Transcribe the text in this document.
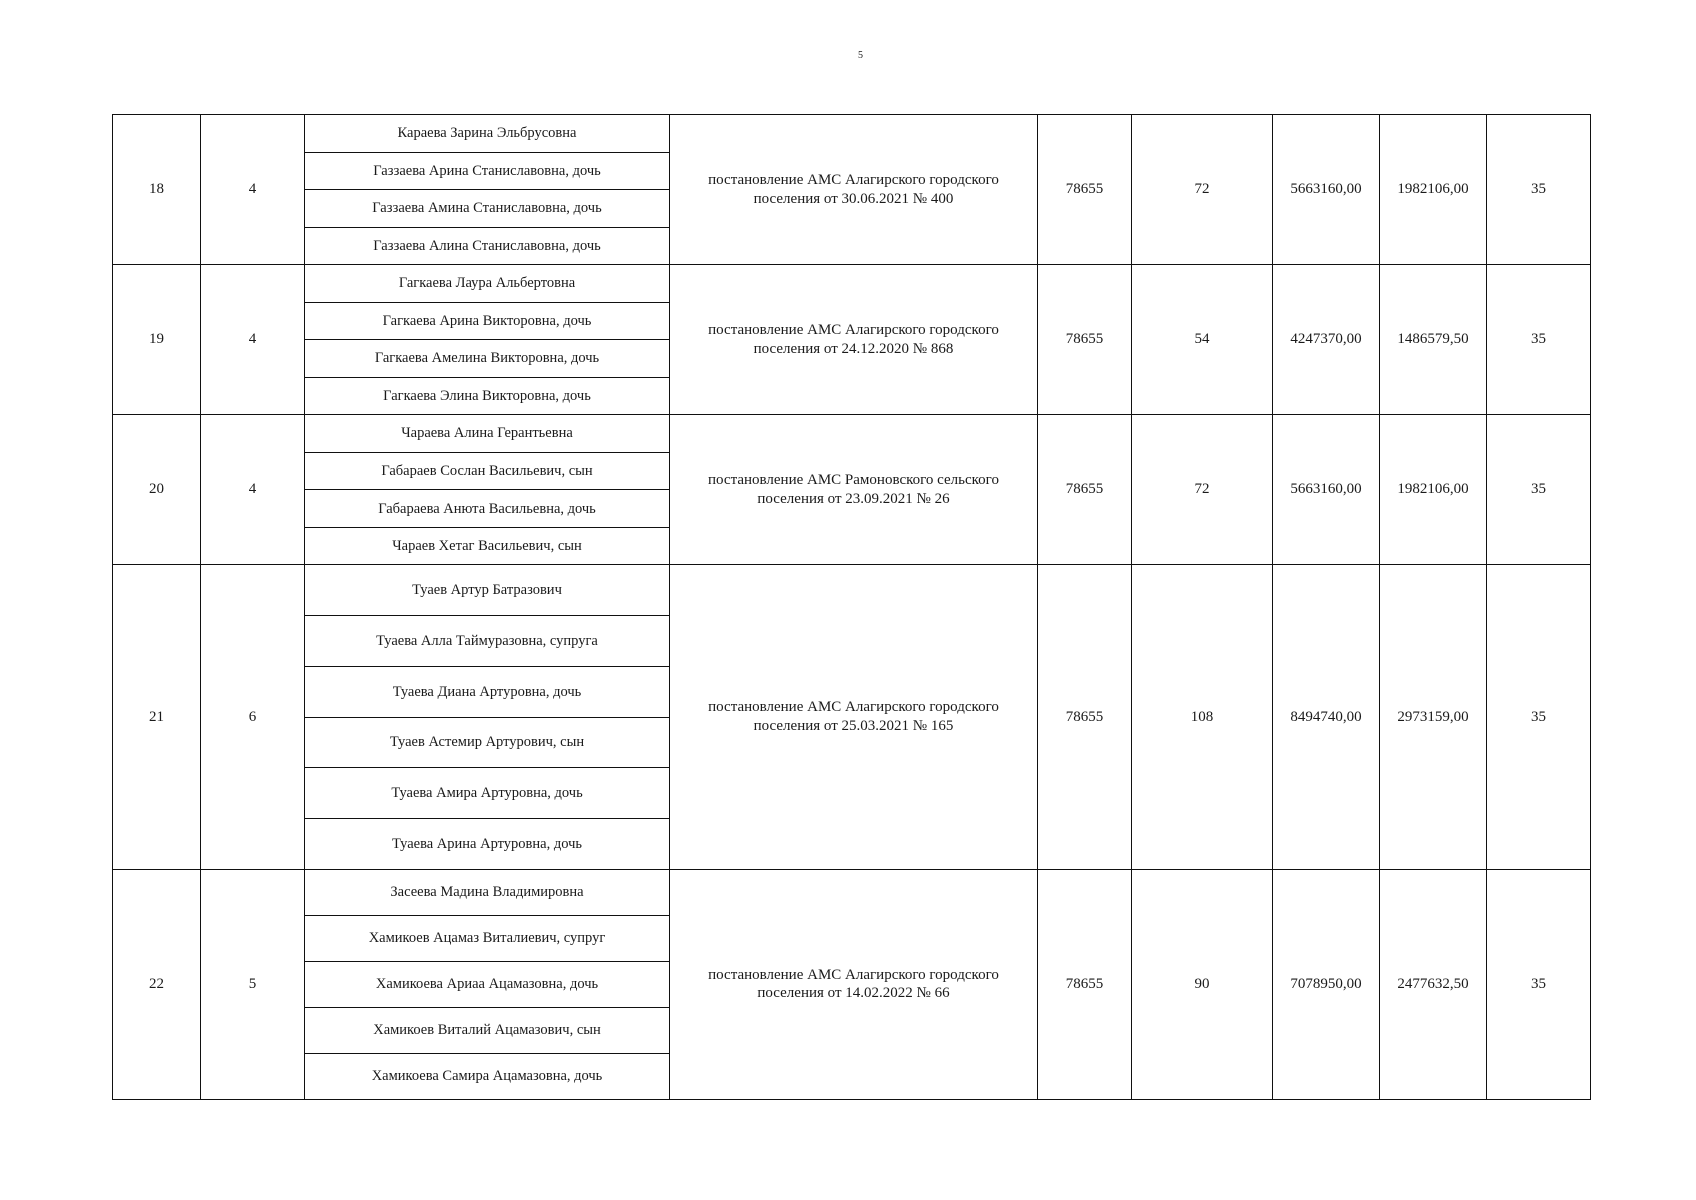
5
18	4	Караева Зарина Эльбрусовна	постановление АМС Алагирского городского поселения от 30.06.2021 № 400	78655	72	5663160,00	1982106,00	35
		Газзаева Арина Станиславовна, дочь						
		Газзаева Амина Станиславовна, дочь						
		Газзаева Алина Станиславовна, дочь						
19	4	Гагкаева Лаура Альбертовна	постановление АМС Алагирского городского поселения от 24.12.2020 № 868	78655	54	4247370,00	1486579,50	35
		Гагкаева Арина Викторовна, дочь						
		Гагкаева Амелина Викторовна, дочь						
		Гагкаева Элина Викторовна, дочь						
20	4	Чараева Алина Герантьевна	постановление АМС Рамоновского сельского поселения от 23.09.2021 № 26	78655	72	5663160,00	1982106,00	35
		Габараев Сослан Васильевич, сын						
		Габараева Анюта Васильевна, дочь						
		Чараев Хетаг Васильевич, сын						
21	6	Туаев Артур Батразович	постановление АМС Алагирского городского поселения от 25.03.2021 № 165	78655	108	8494740,00	2973159,00	35
		Туаева Алла Таймуразовна, супруга						
		Туаева Диана Артуровна, дочь						
		Туаев Астемир Артурович, сын						
		Туаева Амира Артуровна, дочь						
		Туаева Арина Артуровна, дочь						
22	5	Засеева Мадина Владимировна	постановление АМС Алагирского городского поселения от 14.02.2022 № 66	78655	90	7078950,00	2477632,50	35
		Хамикоев Ацамаз Виталиевич, супруг						
		Хамикоева Ариаа Ацамазовна, дочь						
		Хамикоев Виталий Ацамазович, сын						
		Хамикоева Самира Ацамазовна, дочь						
